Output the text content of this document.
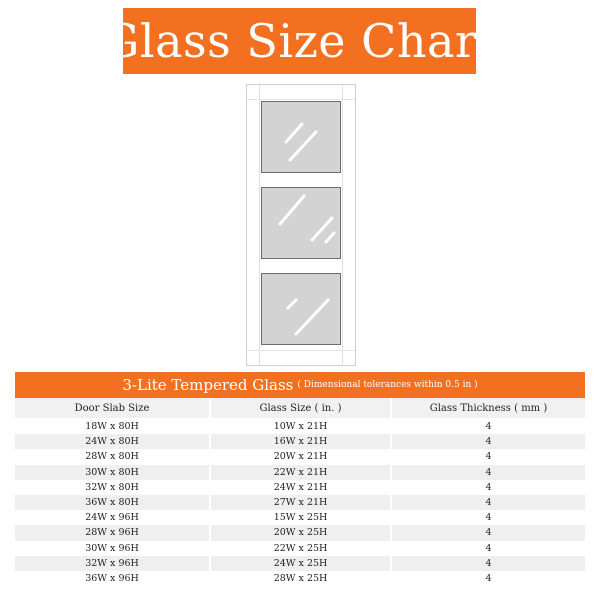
Glass Size Chart
3-Lite Tempered Glass ( Dimensional tolerances within 0.5 in )
Door Slab Size	Glass Size ( in. )	Glass Thickness ( mm )
18W x 80H	10W x 21H	4
24W x 80H	16W x 21H	4
28W x 80H	20W x 21H	4
30W x 80H	22W x 21H	4
32W x 80H	24W x 21H	4
36W x 80H	27W x 21H	4
24W x 96H	15W x 25H	4
28W x 96H	20W x 25H	4
30W x 96H	22W x 25H	4
32W x 96H	24W x 25H	4
36W x 96H	28W x 25H	4
